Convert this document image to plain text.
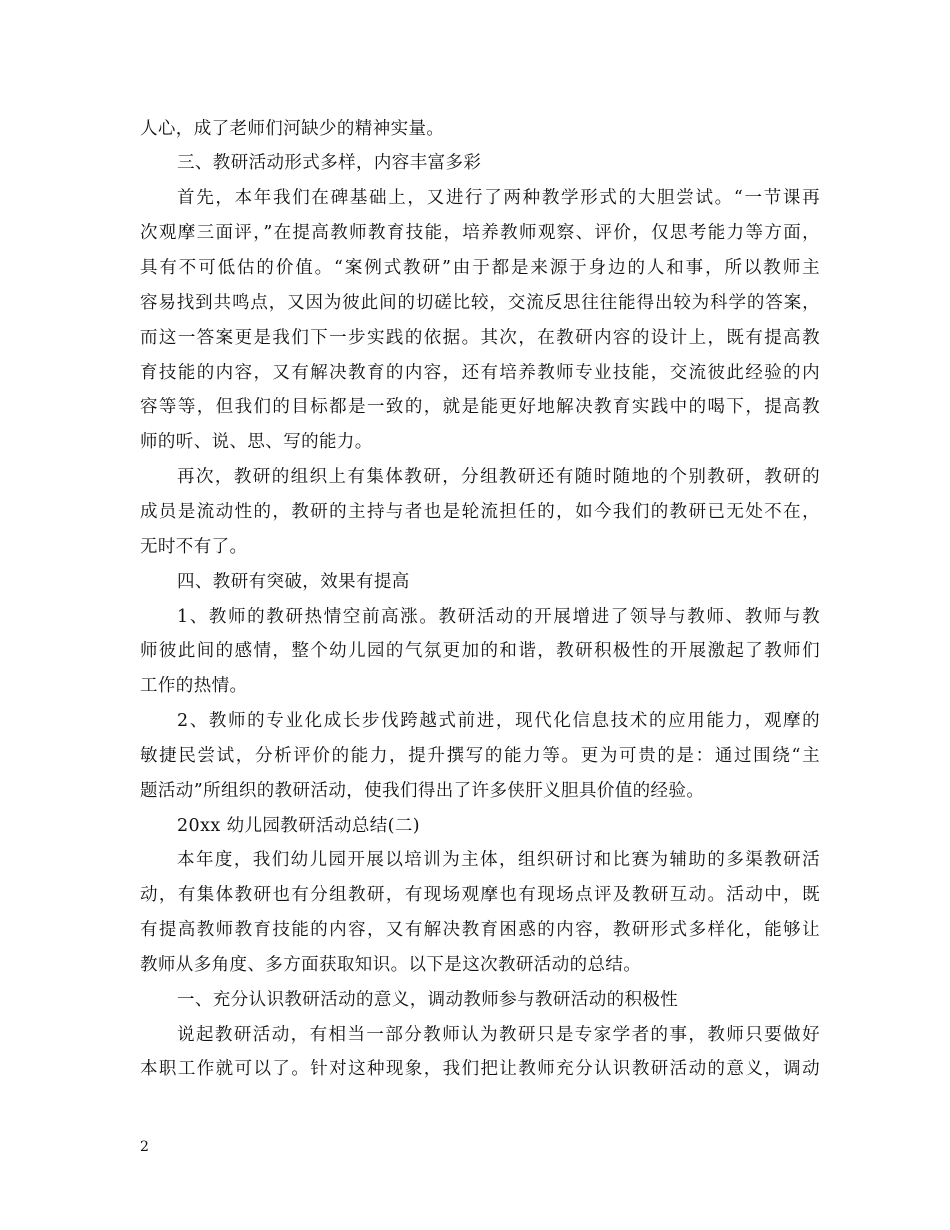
人心，成了老师们河缺少的精神实量。
三、教研活动形式多样，内容丰富多彩
首先，本年我们在碑基础上，又进行了两种教学形式的大胆尝试。“一节课再
次观摩三面评，”在提高教师教育技能，培养教师观察、评价，仅思考能力等方面，
具有不可低估的价值。“案例式教研”由于都是来源于身边的人和事，所以教师主
容易找到共鸣点，又因为彼此间的切磋比较，交流反思往往能得出较为科学的答案，
而这一答案更是我们下一步实践的依据。其次，在教研内容的设计上，既有提高教
育技能的内容，又有解决教育的内容，还有培养教师专业技能，交流彼此经验的内
容等等，但我们的目标都是一致的，就是能更好地解决教育实践中的喝下，提高教
师的听、说、思、写的能力。
再次，教研的组织上有集体教研，分组教研还有随时随地的个别教研，教研的
成员是流动性的，教研的主持与者也是轮流担任的，如今我们的教研已无处不在，
无时不有了。
四、教研有突破，效果有提高
1、教师的教研热情空前高涨。教研活动的开展增进了领导与教师、教师与教
师彼此间的感情，整个幼儿园的气氛更加的和谐，教研积极性的开展激起了教师们
工作的热情。
2、教师的专业化成长步伐跨越式前进，现代化信息技术的应用能力，观摩的
敏捷民尝试，分析评价的能力，提升撰写的能力等。更为可贵的是：通过围绕“主
题活动”所组织的教研活动，使我们得出了许多侠肝义胆具价值的经验。
20xx 幼儿园教研活动总结(二)
本年度，我们幼儿园开展以培训为主体，组织研讨和比赛为辅助的多渠教研活
动，有集体教研也有分组教研，有现场观摩也有现场点评及教研互动。活动中，既
有提高教师教育技能的内容，又有解决教育困惑的内容，教研形式多样化，能够让
教师从多角度、多方面获取知识。以下是这次教研活动的总结。
一、充分认识教研活动的意义，调动教师参与教研活动的积极性
说起教研活动，有相当一部分教师认为教研只是专家学者的事，教师只要做好
本职工作就可以了。针对这种现象，我们把让教师充分认识教研活动的意义，调动
2
